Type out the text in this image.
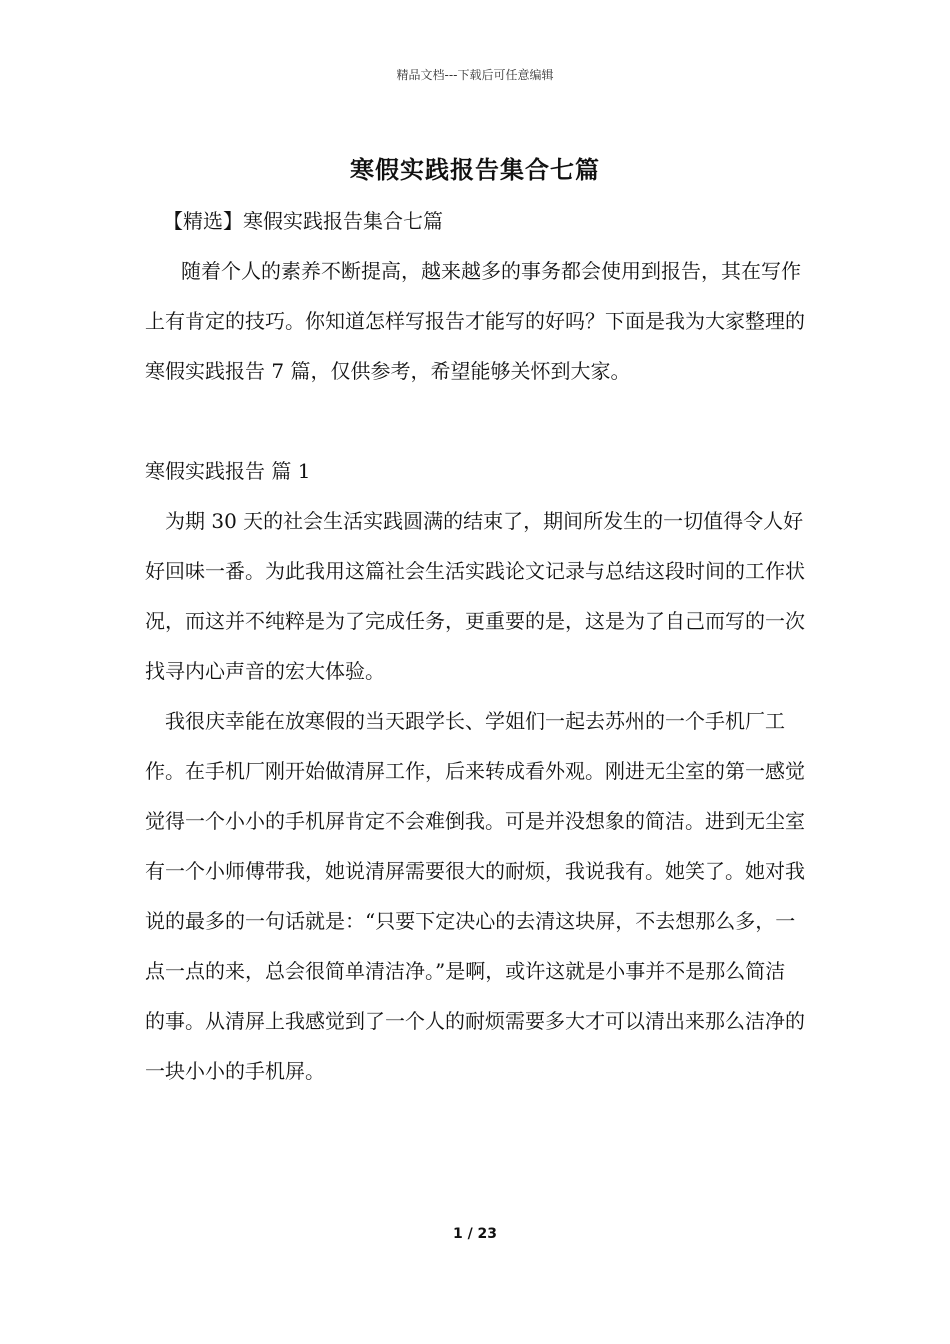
精品文档---下载后可任意编辑
寒假实践报告集合七篇

【精选】寒假实践报告集合七篇

随着个人的素养不断提高，越来越多的事务都会使用到报告，其在写作上有肯定的技巧。你知道怎样写报告才能写的好吗？下面是我为大家整理的寒假实践报告 7 篇，仅供参考，希望能够关怀到大家。

寒假实践报告 篇 1

为期 30 天的社会生活实践圆满的结束了，期间所发生的一切值得令人好好回味一番。为此我用这篇社会生活实践论文记录与总结这段时间的工作状况，而这并不纯粹是为了完成任务，更重要的是，这是为了自己而写的一次找寻内心声音的宏大体验。

我很庆幸能在放寒假的当天跟学长、学姐们一起去苏州的一个手机厂工作。在手机厂刚开始做清屏工作，后来转成看外观。刚进无尘室的第一感觉觉得一个小小的手机屏肯定不会难倒我。可是并没想象的简洁。进到无尘室有一个小师傅带我，她说清屏需要很大的耐烦，我说我有。她笑了。她对我说的最多的一句话就是：“只要下定决心的去清这块屏，不去想那么多，一点一点的来，总会很简单清洁净。”是啊，或许这就是小事并不是那么简洁的事。从清屏上我感觉到了一个人的耐烦需要多大才可以清出来那么洁净的一块小小的手机屏。

1 / 23
